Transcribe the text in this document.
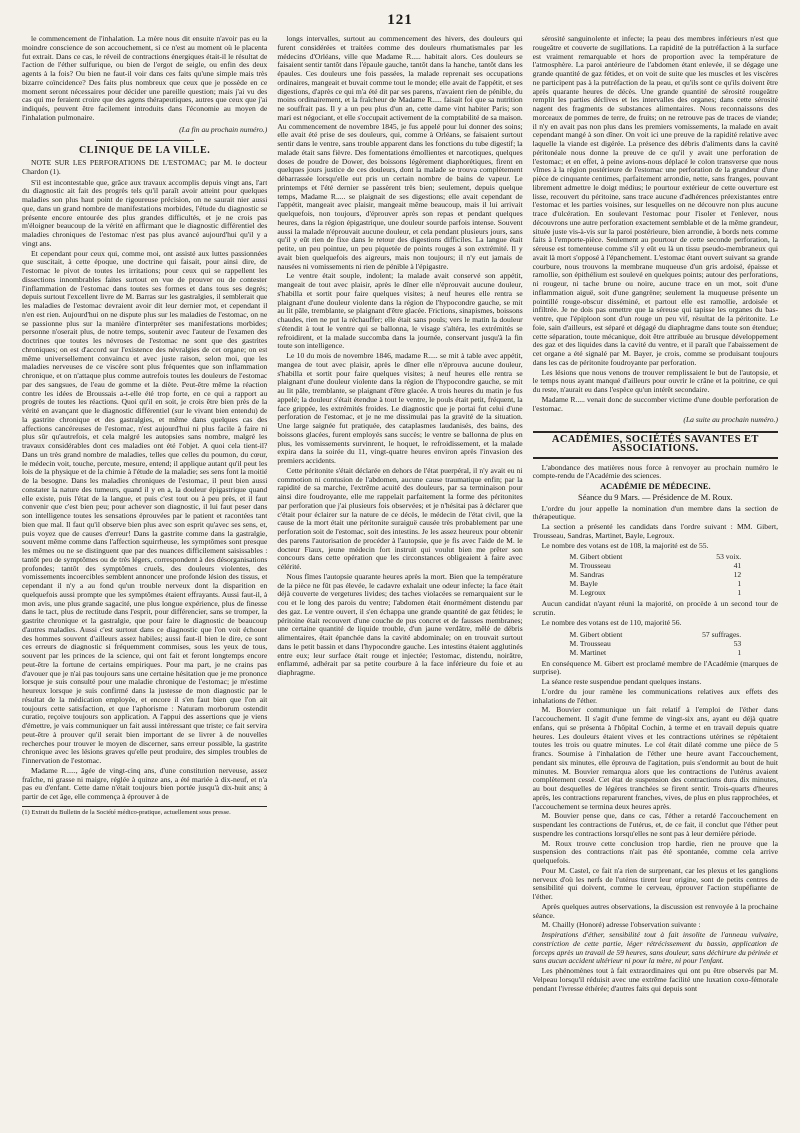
121

le commencement de l'inhalation. La mère nous dit ensuite n'avoir pas eu la moindre conscience de son accouchement, si ce n'est au moment où le placenta fut extrait. Dans ce cas, le réveil de contractions énergiques était-il le résultat de l'action de l'éther sulfurique, ou bien de l'ergot de seigle, ou enfin des deux agents à la fois? Ou bien ne faut-il voir dans ces faits qu'une simple mais très bizarre coïncidence? Des faits plus nombreux que ceux que je possède en ce moment seront nécessaires pour décider une pareille question; mais j'ai vu des cas qui me feraient croire que des agens thérapeutiques, autres que ceux que j'ai indiqués, peuvent être facilement introduits dans l'économie au moyen de l'inhalation pulmonaire.

(La fin au prochain numéro.)
CLINIQUE DE LA VILLE.
NOTE SUR LES PERFORATIONS DE L'ESTOMAC; par M. le docteur Chardon (1).

S'il est incontestable que, grâce aux travaux accomplis depuis vingt ans, l'art du diagnostic ait fait des progrès tels qu'il paraît avoir atteint pour quelques maladies son plus haut point de rigoureuse précision, on ne saurait nier aussi que, dans un grand nombre de manifestations morbides, l'étude du diagnostic se présente encore entourée des plus grandes difficultés, et je ne crois pas m'éloigner beaucoup de la vérité en affirmant que le diagnostic différentiel des maladies chroniques de l'estomac n'est pas plus avancé aujourd'hui qu'il y a vingt ans.

Et cependant pour ceux qui, comme moi, ont assisté aux luttes passionnées que suscitait, à cette époque, une doctrine qui faisait, pour ainsi dire, de l'estomac le pivot de toutes les irritations; pour ceux qui se rappellent les dissections innombrables faites surtout en vue de prouver ou de contester l'inflammation de l'estomac dans toutes ses formes et dans tous ses degrés; depuis surtout l'excellent livre de M. Barras sur les gastralgies, il semblerait que les maladies de l'estomac devraient avoir dit leur dernier mot, et cependant il n'en est rien. Aujourd'hui on ne dispute plus sur les maladies de l'estomac, on ne se passionne plus sur la manière d'interpréter ses manifestations morbides; personne n'oserait plus, de notre temps, soutenir avec l'auteur de l'examen des doctrines que toutes les névroses de l'estomac ne sont que des gastrites chroniques; on est d'accord sur l'existence des névralgies de cet organe; on est même universellement convaincu et avec juste raison, selon moi, que les maladies nerveuses de ce viscère sont plus fréquentes que son inflammation chronique, et on n'attaque plus comme autrefois toutes les douleurs de l'estomac par des sangsues, de l'eau de gomme et la diète. Peut-être même la réaction contre les idées de Broussais a-t-elle été trop forte, en ce qui a rapport au progrès de toutes les réactions. Quoi qu'il en soit, je crois être bien près de la vérité en avançant que le diagnostic différentiel (sur le vivant bien entendu) de la gastrite chronique et des gastralgies, et même dans quelques cas des affections cancéreuses de l'estomac, n'est aujourd'hui ni plus facile à faire ni plus sûr qu'autrefois, et cela malgré les autopsies sans nombre, malgré les travaux considérables dont ces maladies ont été l'objet. A quoi cela tient-il? Dans un très grand nombre de maladies, telles que celles du poumon, du cœur, le médecin voit, touche, percute, mesure, entend; il applique autant qu'il peut les lois de la physique et de la chimie à l'étude de la maladie; ses sens font la moitié de la besogne. Dans les maladies chroniques de l'estomac, il peut bien aussi constater la nature des tumeurs, quand il y en a, la douleur épigastrique quand elle existe, puis l'état de la langue, et puis c'est tout ou à peu près, et il faut convenir que c'est bien peu; pour achever son diagnostic, il lui faut peser dans son intelligence toutes les sensations éprouvées par le patient et racontées tant bien que mal. Il faut qu'il observe bien plus avec son esprit qu'avec ses sens, et, puis voyez que de causes d'erreur! Dans la gastrite comme dans la gastralgie, souvent même comme dans l'affection squirrheuse, les symptômes sont presque les mêmes ou ne se distinguent que par des nuances difficilement saisissables : tantôt peu de symptômes ou de très légers, correspondent à des désorganisations profondes; tantôt des symptômes cruels, des douleurs violentes, des vomissements incoercibles semblent annoncer une profonde lésion des tissus, et cependant il n'y a au fond qu'un trouble nerveux dont la disparition en quelquefois aussi prompte que les symptômes étaient effrayants. Aussi faut-il, à mon avis, une plus grande sagacité, une plus longue expérience, plus de finesse dans le tact, plus de rectitude dans l'esprit, pour différencier, sans se tromper, la gastrite chronique et la gastralgie, que pour faire le diagnostic de beaucoup d'autres maladies. Aussi c'est surtout dans ce diagnostic que l'on voit échouer des hommes souvent d'ailleurs assez habiles; aussi faut-il bien le dire, ce sont ces erreurs de diagnostic si fréquemment commises, sous les yeux de tous, souvent par les princes de la science, qui ont fait et feront longtemps encore peut-être la fortune de certains empiriques. Pour ma part, je ne crains pas d'avouer que je n'ai pas toujours sans une certaine hésitation que je me prononce lorsque je suis consulté pour une maladie chronique de l'estomac; je m'estime heureux lorsque je suis confirmé dans la justesse de mon diagnostic par le résultat de la médication employée, et encore il s'en faut bien que l'on ait toujours cette satisfaction, et que l'aphorisme : Naturam morborum ostendit curatio, reçoive toujours son application. A l'appui des assertions que je viens d'émettre, je vais communiquer un fait aussi intéressant que triste; ce fait servira peut-être à prouver qu'il serait bien important de se livrer à de nouvelles recherches pour trouver le moyen de discerner, sans erreur possible, la gastrite chronique avec les lésions graves qu'elle peut produire, des simples troubles de l'innervation de l'estomac.

Madame R....., âgée de vingt-cinq ans, d'une constitution nerveuse, assez fraîche, ni grasse ni maigre, réglée à quinze ans, a été mariée à dix-neuf, et n'a pas eu d'enfant. Cette dame n'était toujours bien portée jusqu'à dix-huit ans; à partir de cet âge, elle commença à éprouver à de

(1) Extrait du Bulletin de la Société médico-pratique, actuellement sous presse.

longs intervalles, surtout au commencement des hivers, des douleurs qui furent considérées et traitées comme des douleurs rhumatismales par les médecins d'Orléans, ville que Madame R..... habitait alors. Ces douleurs se faisaient sentir tantôt dans l'épaule gauche, tantôt dans la hanche, tantôt dans les épaules. Ces douleurs une fois passées, la malade reprenait ses occupations ordinaires, mangeait et buvait comme tout le monde; elle avait de l'appétit, et ses digestions, d'après ce qui m'a été dit par ses parens, n'avaient rien de pénible, du moins ordinairement, et la fraîcheur de Madame R..... faisait foi que sa nutrition ne souffrait pas. Il y a un peu plus d'un an, cette dame vint habiter Paris; son mari est négociant, et elle s'occupait activement de la comptabilité de sa maison. Au commencement de novembre 1845, je fus appelé pour lui donner des soins; elle avait été prise de ses douleurs, qui, comme à Orléans, se faisaient surtout sentir dans le ventre, sans trouble apparent dans les fonctions du tube digestif; la malade était sans fièvre. Des fomentations émollientes et narcotiques, quelques doses de poudre de Dower, des boissons légèrement diaphorétiques, firent en quelques jours justice de ces douleurs, dont la malade se trouva complètement débarrassée lorsqu'elle eut pris un certain nombre de bains de vapeur. Le printemps et l'été dernier se passèrent très bien; seulement, depuis quelque temps, Madame R..... se plaignait de ses digestions; elle avait cependant de l'appétit, mangeait avec plaisir, mangeait même beaucoup, mais il lui arrivait quelquefois, non toujours, d'éprouver après son repas et pendant quelques heures, dans la région épigastrique, une douleur sourde parfois intense. Souvent aussi la malade n'éprouvait aucune douleur, et cela pendant plusieurs jours, sans qu'il y eût rien de fixe dans le retour des digestions difficiles. La langue était petite, un peu pointue, un peu piquetée de points rouges à son extrémité. Il y avait bien quelquefois des aigreurs, mais non toujours; il n'y eut jamais de nausées ni vomissements ni rien de pénible à l'épigastre.

Le ventre était souple, indolent; la malade avait conservé son appétit, mangeait de tout avec plaisir, après le dîner elle n'éprouvait aucune douleur, s'habilla et sortit pour faire quelques visites; à neuf heures elle rentra se plaignant d'une douleur violente dans la région de l'hypocondre gauche, se mit au lit pâle, tremblante, se plaignant d'être glacée. Frictions, sinapismes, boissons chaudes, rien ne put la réchauffer; elle était sans pouls; vers le matin la douleur s'étendit à tout le ventre qui se ballonna, le visage s'altéra, les extrémités se refroidirent, et la malade succomba dans la journée, conservant jusqu'à la fin toute son intelligence.

Le 10 du mois de novembre 1846, madame R..... se mit à table avec appétit, mangea de tout avec plaisir, après le dîner elle n'éprouva aucune douleur, s'habilla et sortit pour faire quelques visites; à neuf heures elle rentra se plaignant d'une douleur violente dans la région de l'hypocondre gauche, se mit au lit pâle, tremblante, se plaignant d'être glacée. A trois heures du matin je fus appelé; la douleur s'était étendue à tout le ventre, le pouls était petit, fréquent, la face grippée, les extrémités froides. Le diagnostic que je portai fut celui d'une perforation de l'estomac, et je ne me dissimulai pas la gravité de la situation. Une large saignée fut pratiquée, des cataplasmes laudanisés, des bains, des boissons glacées, furent employés sans succès; le ventre se ballonna de plus en plus, les vomissements survinrent, le hoquet, le refroidissement, et la malade expira dans la soirée du 11, vingt-quatre heures environ après l'invasion des premiers accidents.

Cette péritonite s'était déclarée en dehors de l'état puerpéral, il n'y avait eu ni commotion ni contusion de l'abdomen, aucune cause traumatique enfin; par la rapidité de sa marche, l'extrême acuité des douleurs, par sa terminaison pour ainsi dire foudroyante, elle me rappelait parfaitement la forme des péritonites par perforation que j'ai plusieurs fois observées; et je n'hésitai pas à déclarer que c'était pour éclairer sur la nature de ce décès, le médecin de l'état civil, que la cause de la mort était une péritonite suraiguë causée très probablement par une perforation soit de l'estomac, soit des intestins. Je les assez heureux pour obtenir des parens l'autorisation de procéder à l'autopsie, que je fis avec l'aide de M. le docteur Fiaux, jeune médecin fort instruit qui voulut bien me prêter son concours dans cette opération que les circonstances obligeaient à faire avec célérité.

Nous fîmes l'autopsie quarante heures après la mort. Bien que la température de la pièce ne fût pas élevée, le cadavre exhalait une odeur infecte; la face était déjà couverte de vergetures livides; des taches violacées se remarquaient sur le cou et le long des parois du ventre; l'abdomen était énormément distendu par des gaz. Le ventre ouvert, il s'en échappa une grande quantité de gaz fétides; le péritoine était recouvert d'une couche de pus concret et de fausses membranes; une certaine quantité de liquide trouble, d'un jaune verdâtre, mêlé de débris alimentaires, était épanchée dans la cavité abdominale; on en trouvait surtout dans le petit bassin et dans l'hypocondre gauche. Les intestins étaient agglutinés entre eux; leur surface était rouge et injectée; l'estomac, distendu, noirâtre, enflammé, adhérait par sa petite courbure à la face inférieure du foie et au diaphragme.

sérosité sanguinolente et infecte; la peau des membres inférieurs n'est que rougeâtre et couverte de sugillations. La rapidité de la putréfaction à la surface est vraiment remarquable et hors de proportion avec la température de l'atmosphère. La paroi antérieure de l'abdomen étant enlevée, il se dégage une grande quantité de gaz fétides, et on voit de suite que les muscles et les viscères ne participent pas à la putréfaction de la peau, et qu'ils sont ce qu'ils doivent être après quarante heures de décès. Une grande quantité de sérosité rougeâtre remplit les parties déclives et les intervalles des organes; dans cette sérosité nagent des fragments de substances alimentaires. Nous reconnaissons des morceaux de pommes de terre, de fruits; on ne retrouve pas de traces de viande; il n'y en avait pas non plus dans les premiers vomissements, la malade en avait cependant mangé à son dîner. On voit ici une preuve de la rapidité relative avec laquelle la viande est digérée. La présence des débris d'aliments dans la cavité péritonéale nous donne la preuve de ce qu'il y avait une perforation de l'estomac; et en effet, à peine avions-nous déplacé le colon transverse que nous vîmes à la région postérieure de l'estomac une perforation de la grandeur d'une pièce de cinquante centimes, parfaitement arrondie, nette, sans franges, pouvant librement admettre le doigt médius; le pourtour extérieur de cette ouverture est lisse, recouvert du péritoine, sans trace aucune d'adhérences préexistantes entre l'estomac et les parties voisines, sur lesquelles on ne découvre non plus aucune trace d'ulcération. En soulevant l'estomac pour l'isoler et l'enlever, nous découvrons une autre perforation exactement semblable et de la même grandeur, située juste vis-à-vis sur la paroi postérieure, bien arrondie, à bords nets comme faits à l'emporte-pièce. Seulement au pourtour de cette seconde perforation, la séreuse est tomenteuse comme s'il y eût eu là un tissu pseudo-membraneux qui avait là mort s'opposé à l'épanchement. L'estomac étant ouvert suivant sa grande courbure, nous trouvons la membrane muqueuse d'un gris ardoisé, épaisse et ramollie, son épithélium est soulevé en quelques points; autour des perforations, ni rougeur, ni tache brune ou noire, aucune trace en un mot, soit d'une inflammation aiguë, soit d'une gangrène; seulement la muqueuse présente un pointillé rouge-obscur disséminé, et partout elle est ramollie, ardoisée et infiltrée. Je ne dois pas omettre que la séreuse qui tapisse les organes du bas-ventre, que l'épiploon sont d'un rouge un peu vif, résultat de la péritonite. Le foie, sain d'ailleurs, est séparé et dégagé du diaphragme dans toute son étendue; cette séparation, toute mécanique, doit être attribuée au brusque développement des gaz et des liquides dans la cavité du ventre, et il paraît que l'abaissement de cet organe a été signalé par M. Bayer, je crois, comme se produisant toujours dans les cas de péritonite foudroyante par perforation.

Les lésions que nous venons de trouver remplissaient le but de l'autopsie, et le temps nous ayant manqué d'ailleurs pour ouvrir le crâne et la poitrine, ce qui du reste, n'aurait eu dans l'espèce qu'un intérêt secondaire.

Madame R..... venait donc de succomber victime d'une double perforation de l'estomac.

(La suite au prochain numéro.)
ACADÉMIES, SOCIÉTÉS SAVANTES ET ASSOCIATIONS.

L'abondance des matières nous force à renvoyer au prochain numéro le compte-rendu de l'Académie des sciences.

ACADÉMIE DE MÉDECINE.
Séance du 9 Mars. — Présidence de M. Roux.

L'ordre du jour appelle la nomination d'un membre dans la section de thérapeutique.

La section a présenté les candidats dans l'ordre suivant : MM. Gibert, Trousseau, Sandras, Martinet, Bayle, Legroux.

Le nombre des votans est de 108, la majorité est de 55.

M. Gibert obtient	53 voix.
M. Trousseau	41
M. Sandras	12
M. Bayle	1
M. Legroux	1

Aucun candidat n'ayant réuni la majorité, on procède à un second tour de scrutin.

Le nombre des votans est de 110, majorité 56.

M. Gibert obtient	57 suffrages.
M. Trousseau	53
M. Martinet	1

En conséquence M. Gibert est proclamé membre de l'Académie (marques de surprise).

La séance reste suspendue pendant quelques instans.

L'ordre du jour ramène les communications relatives aux effets des inhalations de l'éther.

M. Bouvier communique un fait relatif à l'emploi de l'éther dans l'accouchement. Il s'agit d'une femme de vingt-six ans, ayant eu déjà quatre enfans, qui se présenta à l'hôpital Cochin, à terme et en travail depuis quatre heures. Les douleurs étaient vives et les contractions utérines se répétaient toutes les trois ou quatre minutes. Le col était dilaté comme une pièce de 5 francs. Soumise à l'inhalation de l'éther une heure avant l'accouchement, pendant six minutes, elle éprouva de l'agitation, puis s'endormit au bout de huit minutes. M. Bouvier remarqua alors que les contractions de l'utérus avaient complètement cessé. Cet état de suspension des contractions dura dix minutes, au bout desquelles de légères tranchées se firent sentir. Trois-quarts d'heures après, les contractions reparurent franches, vives, de plus en plus rapprochées, et l'accouchement se termina deux heures après.

M. Bouvier pense que, dans ce cas, l'éther a retardé l'accouchement en suspendant les contractions de l'utérus, et, de ce fait, il conclut que l'éther peut suspendre les contractions lorsqu'elles ne sont pas à leur dernière période.

M. Roux trouve cette conclusion trop hardie, rien ne prouve que la suspension des contractions n'ait pas été spontanée, comme cela arrive quelquefois.

Pour M. Castel, ce fait n'a rien de surprenant, car les plexus et les ganglions nerveux d'où les nerfs de l'utérus tirent leur origine, sont de petits centres de sensibilité qui doivent, comme le cerveau, éprouver l'action stupéfiante de l'éther.

Après quelques autres observations, la discussion est renvoyée à la prochaine séance.

M. Chailly (Honoré) adresse l'observation suivante :

Inspirations d'éther, sensibilité tout à fait insolite de l'anneau vulvaire, constriction de cette partie, léger rétrécissement du bassin, application de forceps après un travail de 59 heures, sans douleur, sans déchirure du périnée et sans aucun accident ultérieur ni pour la mère, ni pour l'enfant.

Les phénomènes tout à fait extraordinaires qui ont pu être observés par M. Velpeau lorsqu'il réduisit avec une extrême facilité une luxation coxo-fémorale pendant l'ivresse éthérée; d'autres faits qui depuis sont
